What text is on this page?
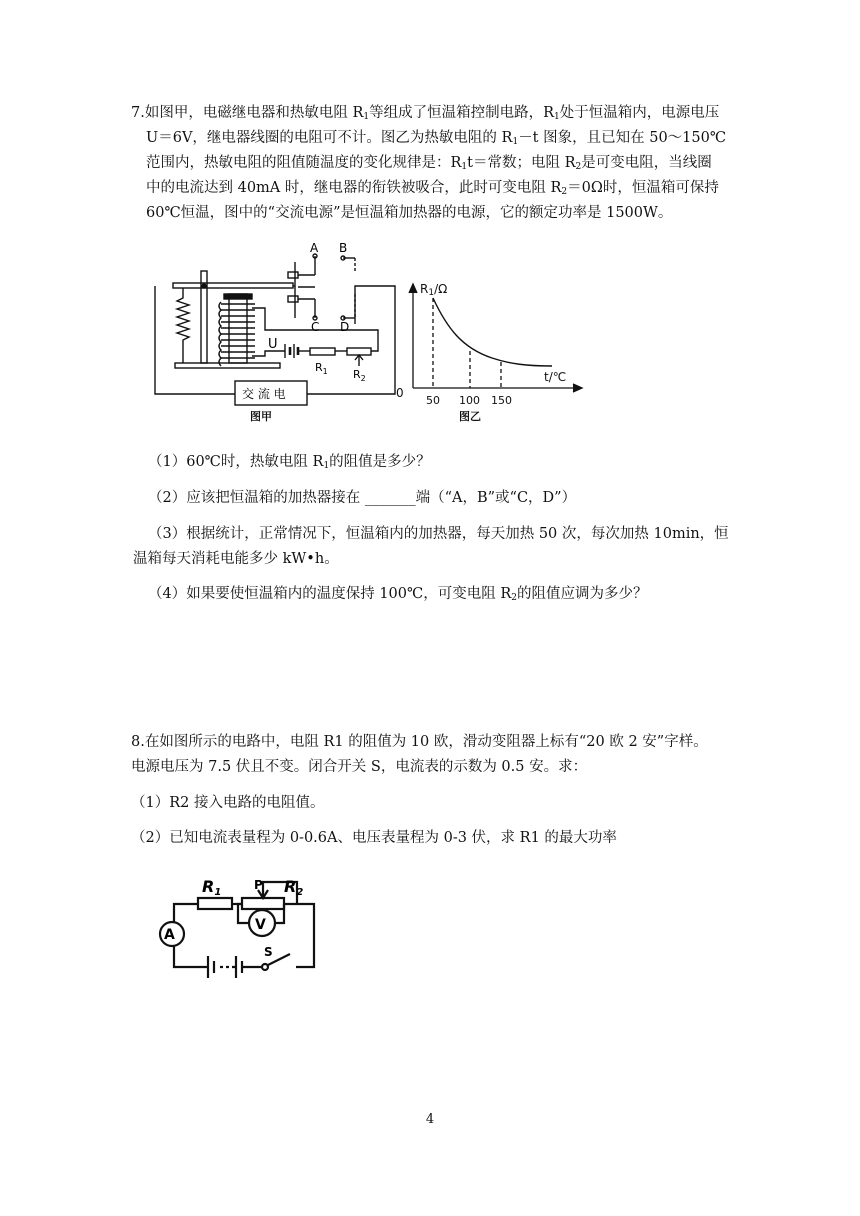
7.如图甲，电磁继电器和热敏电阻 $R_1$等组成了恒温箱控制电路，$R_1$处于恒温箱内，电源电压
U＝6V，继电器线圈的电阻可不计。图乙为热敏电阻的 $R_1-t$ 图象，且已知在 50～150℃
范围内，热敏电阻的阻值随温度的变化规律是：$R_1t=$常数；电阻 $R_2$是可变电阻，当线圈
中的电流达到 40mA 时，继电器的衔铁被吸合，此时可变电阻 $R_2=0\Omega$时，恒温箱可保持
60℃恒温，图中的“交流电源”是恒温箱加热器的电源，它的额定功率是 1500W。
A B
C D
U
$R_1$ $R_2$
交 流 电
图甲
$R_1/\Omega$
t/℃
0
50 100 150
图乙
（1）60℃时，热敏电阻 $R_1$的阻值是多少？
（2）应该把恒温箱的加热器接在 _______端（“A，B”或“C，D”）
（3）根据统计，正常情况下，恒温箱内的加热器，每天加热 50 次，每次加热 10min，恒
温箱每天消耗电能多少 kW•h。
（4）如果要使恒温箱内的温度保持 100℃，可变电阻 $R_2$的阻值应调为多少？
8.在如图所示的电路中，电阻 R1 的阻值为 10 欧，滑动变阻器上标有“20 欧 2 安”字样。
电源电压为 7.5 伏且不变。闭合开关 S，电流表的示数为 0.5 安。求：
（1）R2 接入电路的电阻值。
（2）已知电流表量程为 0-0.6A、电压表量程为 0-3 伏，求 R1 的最大功率
A
V
P
S
R1	R2
4
